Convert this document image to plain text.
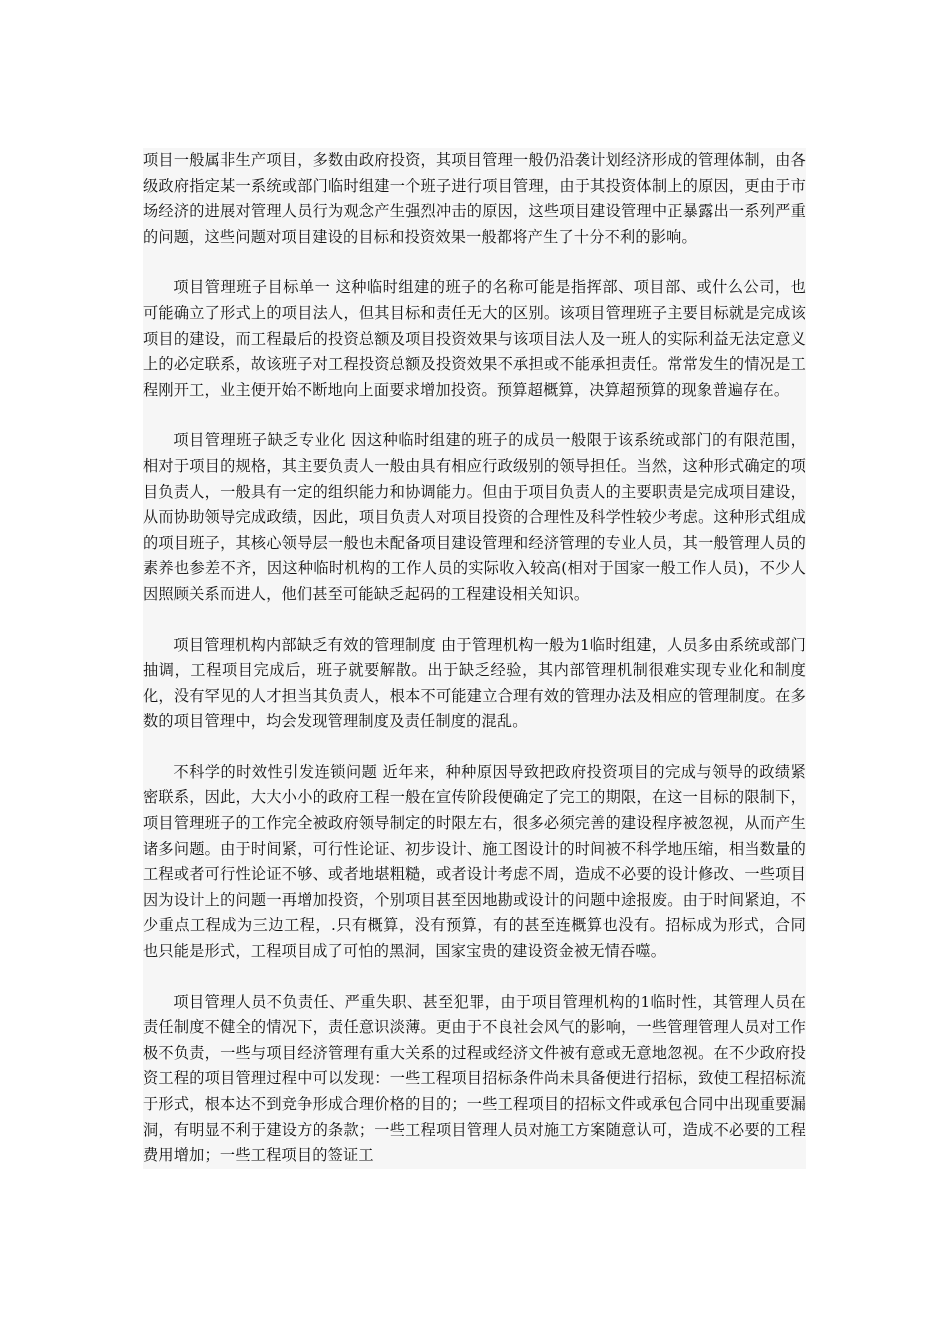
项目一般属非生产项目，多数由政府投资，其项目管理一般仍沿袭计划经济形成的管理体制，由各级政府指定某一系统或部门临时组建一个班子进行项目管理，由于其投资体制上的原因，更由于市场经济的进展对管理人员行为观念产生强烈冲击的原因，这些项目建设管理中正暴露出一系列严重的问题，这些问题对项目建设的目标和投资效果一般都将产生了十分不利的影响。

项目管理班子目标单一 这种临时组建的班子的名称可能是指挥部、项目部、或什么公司，也可能确立了形式上的项目法人，但其目标和责任无大的区别。该项目管理班子主要目标就是完成该项目的建设，而工程最后的投资总额及项目投资效果与该项目法人及一班人的实际利益无法定意义上的必定联系，故该班子对工程投资总额及投资效果不承担或不能承担责任。常常发生的情况是工程刚开工，业主便开始不断地向上面要求增加投资。预算超概算，决算超预算的现象普遍存在。

项目管理班子缺乏专业化 因这种临时组建的班子的成员一般限于该系统或部门的有限范围，相对于项目的规格，其主要负责人一般由具有相应行政级别的领导担任。当然，这种形式确定的项目负责人，一般具有一定的组织能力和协调能力。但由于项目负责人的主要职责是完成项目建设，从而协助领导完成政绩，因此，项目负责人对项目投资的合理性及科学性较少考虑。这种形式组成的项目班子，其核心领导层一般也未配备项目建设管理和经济管理的专业人员，其一般管理人员的素养也参差不齐，因这种临时机构的工作人员的实际收入较高(相对于国家一般工作人员)，不少人因照顾关系而进人，他们甚至可能缺乏起码的工程建设相关知识。

项目管理机构内部缺乏有效的管理制度 由于管理机构一般为1临时组建，人员多由系统或部门抽调，工程项目完成后，班子就要解散。出于缺乏经验，其内部管理机制很难实现专业化和制度化，没有罕见的人才担当其负责人，根本不可能建立合理有效的管理办法及相应的管理制度。在多数的项目管理中，均会发现管理制度及责任制度的混乱。

不科学的时效性引发连锁问题 近年来，种种原因导致把政府投资项目的完成与领导的政绩紧密联系，因此，大大小小的政府工程一般在宣传阶段便确定了完工的期限，在这一目标的限制下，项目管理班子的工作完全被政府领导制定的时限左右，很多必须完善的建设程序被忽视，从而产生诸多问题。由于时间紧，可行性论证、初步设计、施工图设计的时间被不科学地压缩，相当数量的工程或者可行性论证不够、或者地堪粗糙，或者设计考虑不周，造成不必要的设计修改、一些项目因为设计上的问题一再增加投资，个别项目甚至因地勘或设计的问题中途报废。由于时间紧迫，不少重点工程成为三边工程，.只有概算，没有预算，有的甚至连概算也没有。招标成为形式，合同也只能是形式，工程项目成了可怕的黑洞，国家宝贵的建设资金被无情吞噬。

项目管理人员不负责任、严重失职、甚至犯罪，由于项目管理机构的1临时性，其管理人员在责任制度不健全的情况下，责任意识淡薄。更由于不良社会风气的影响，一些管理管理人员对工作极不负责，一些与项目经济管理有重大关系的过程或经济文件被有意或无意地忽视。在不少政府投资工程的项目管理过程中可以发现：一些工程项目招标条件尚未具备便进行招标，致使工程招标流于形式，根本达不到竞争形成合理价格的目的；一些工程项目的招标文件或承包合同中出现重要漏洞，有明显不利于建设方的条款；一些工程项目管理人员对施工方案随意认可，造成不必要的工程费用增加；一些工程项目的签证工
